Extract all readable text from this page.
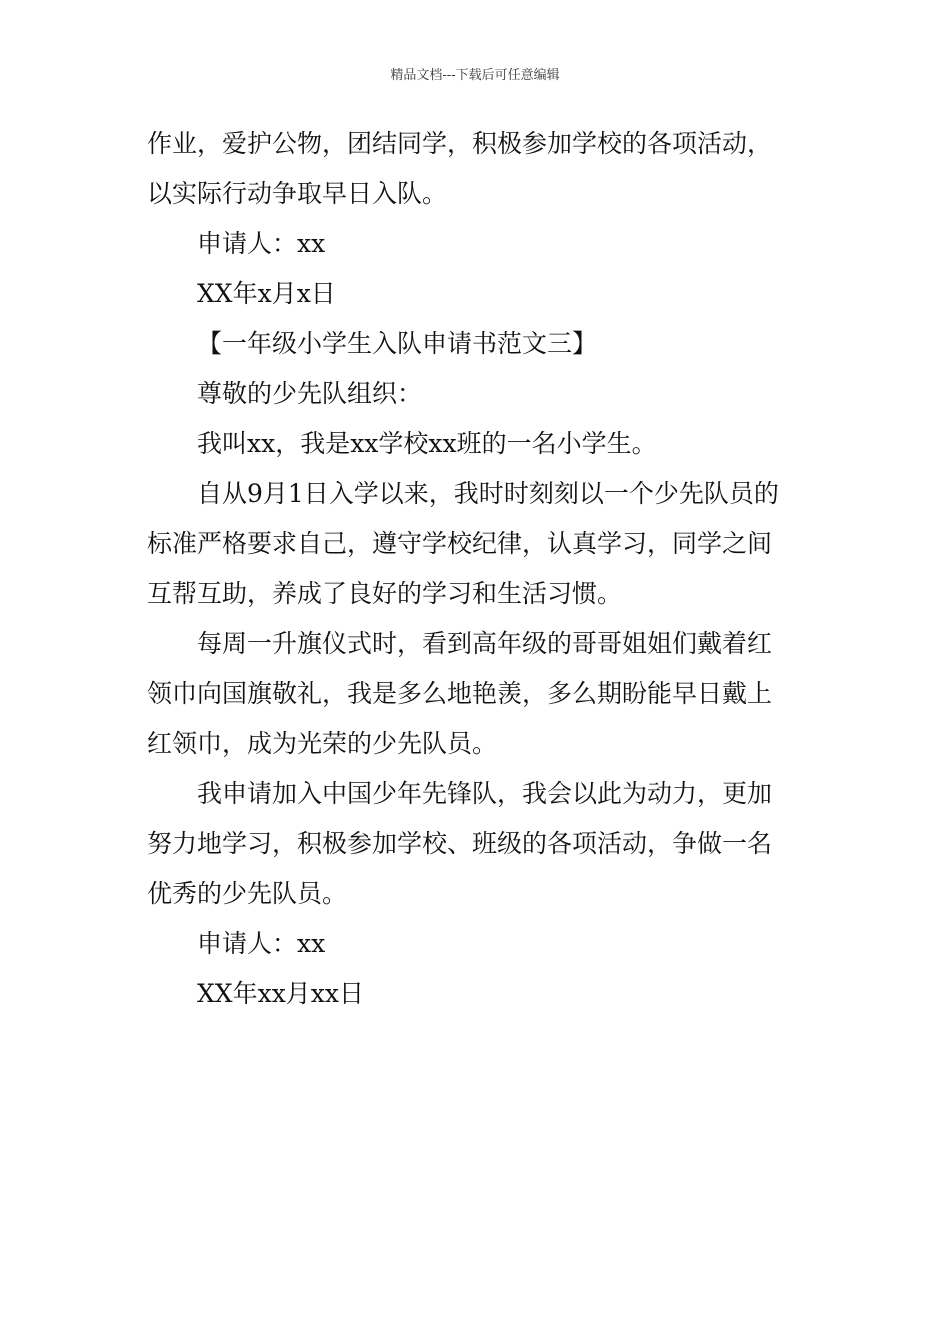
精品文档---下载后可任意编辑
作业，爱护公物，团结同学，积极参加学校的各项活动，
以实际行动争取早日入队。
申请人：xx
XX年x月x日
【一年级小学生入队申请书范文三】
尊敬的少先队组织：
我叫xx，我是xx学校xx班的一名小学生。
自从9月1日入学以来，我时时刻刻以一个少先队员的
标准严格要求自己，遵守学校纪律，认真学习，同学之间
互帮互助，养成了良好的学习和生活习惯。
每周一升旗仪式时，看到高年级的哥哥姐姐们戴着红
领巾向国旗敬礼，我是多么地艳羡，多么期盼能早日戴上
红领巾，成为光荣的少先队员。
我申请加入中国少年先锋队，我会以此为动力，更加
努力地学习，积极参加学校、班级的各项活动，争做一名
优秀的少先队员。
申请人：xx
XX年xx月xx日
